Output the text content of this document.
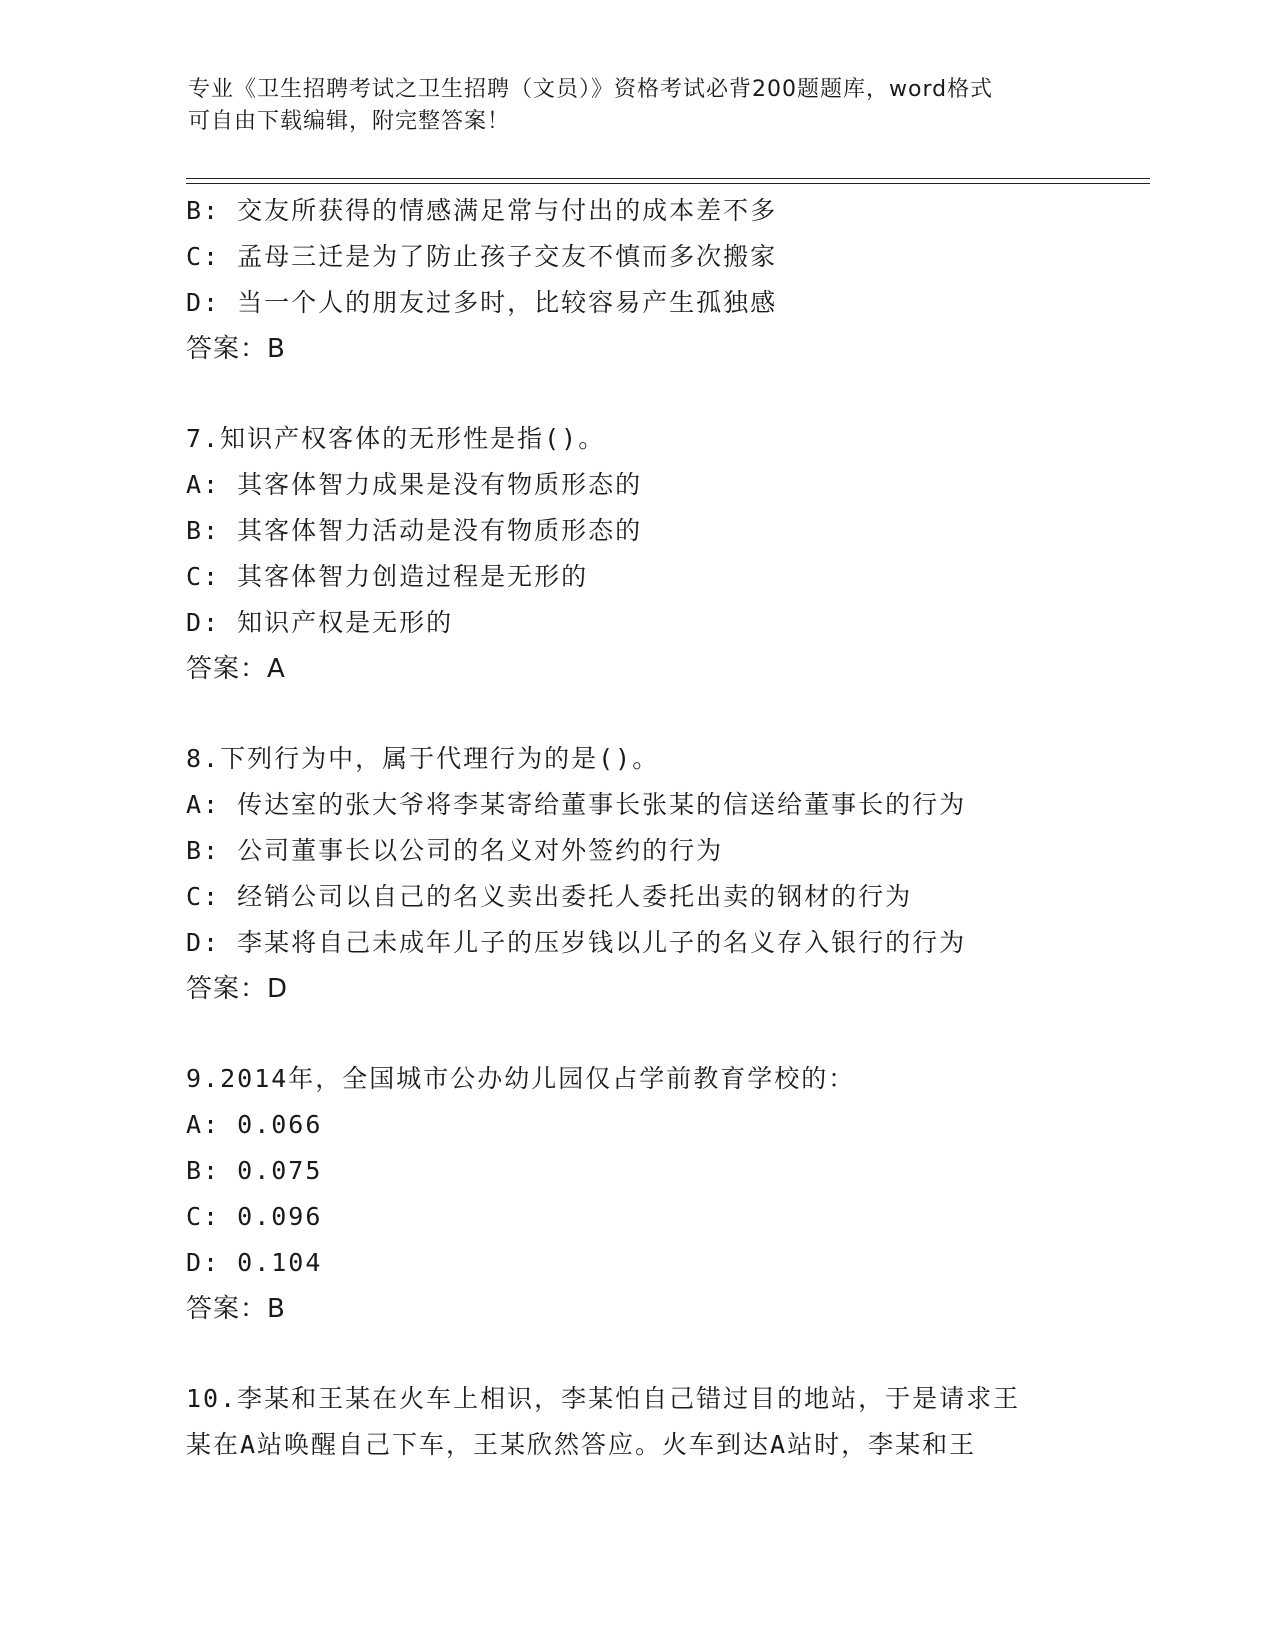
专业《卫生招聘考试之卫生招聘（文员）》资格考试必背200题题库，word格式
可自由下载编辑，附完整答案！
B: 交友所获得的情感满足常与付出的成本差不多
C: 孟母三迁是为了防止孩子交友不慎而多次搬家
D: 当一个人的朋友过多时，比较容易产生孤独感
答案：B
7.知识产权客体的无形性是指()。
A: 其客体智力成果是没有物质形态的
B: 其客体智力活动是没有物质形态的
C: 其客体智力创造过程是无形的
D: 知识产权是无形的
答案：A
8.下列行为中，属于代理行为的是()。
A: 传达室的张大爷将李某寄给董事长张某的信送给董事长的行为
B: 公司董事长以公司的名义对外签约的行为
C: 经销公司以自己的名义卖出委托人委托出卖的钢材的行为
D: 李某将自己未成年儿子的压岁钱以儿子的名义存入银行的行为
答案：D
9.2014年，全国城市公办幼儿园仅占学前教育学校的：
A: 0.066
B: 0.075
C: 0.096
D: 0.104
答案：B
10.李某和王某在火车上相识，李某怕自己错过目的地站，于是请求王
某在A站唤醒自己下车，王某欣然答应。火车到达A站时，李某和王
